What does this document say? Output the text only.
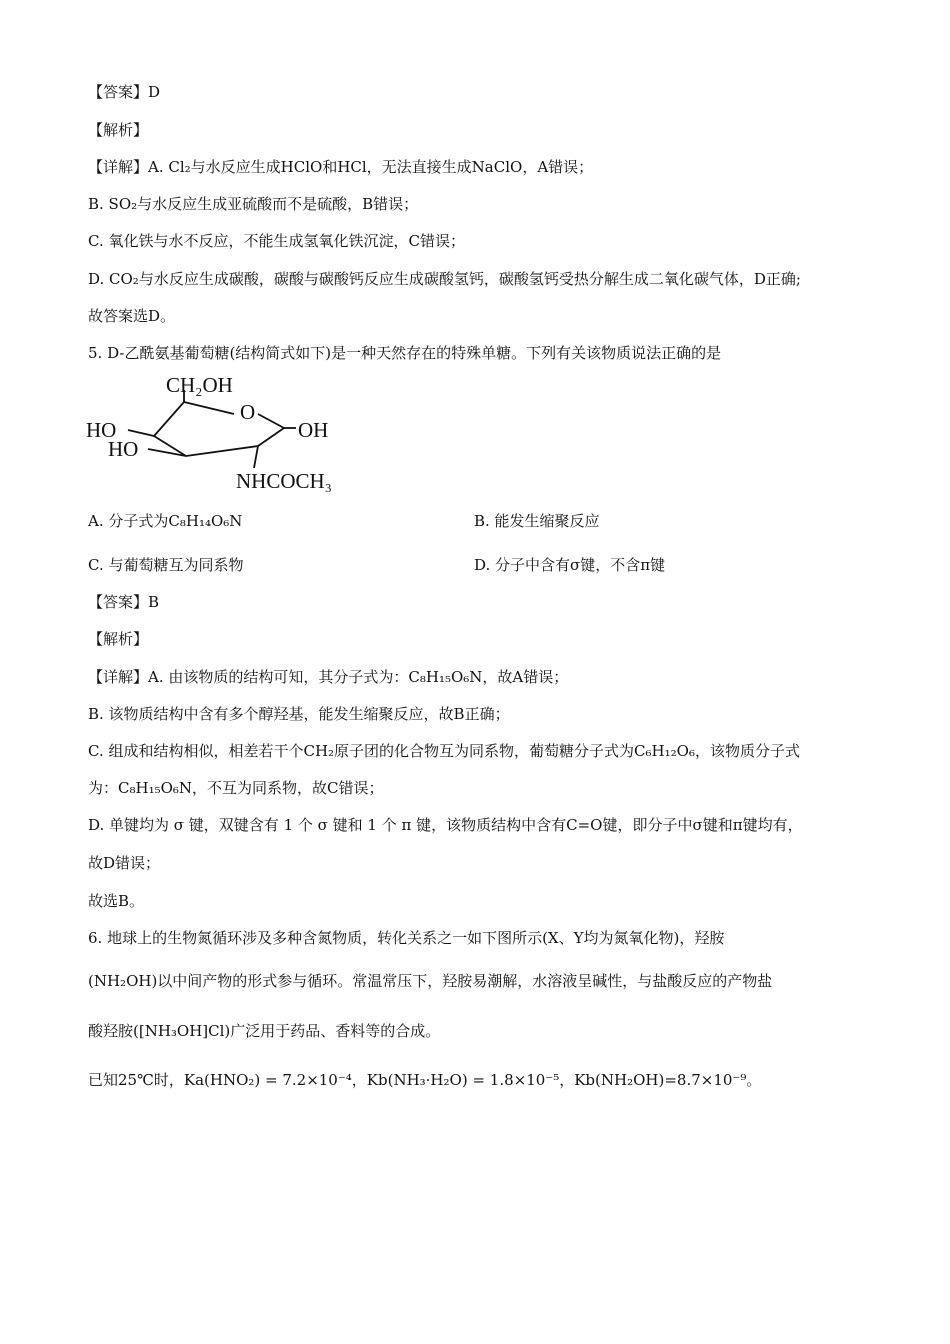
【答案】D
【解析】
【详解】A. Cl₂与水反应生成HClO和HCl，无法直接生成NaClO，A错误；
B. SO₂与水反应生成亚硫酸而不是硫酸，B错误；
C. 氧化铁与水不反应，不能生成氢氧化铁沉淀，C错误；
D. CO₂与水反应生成碳酸，碳酸与碳酸钙反应生成碳酸氢钙，碳酸氢钙受热分解生成二氧化碳气体，D正确;
故答案选D。
5. D-乙酰氨基葡萄糖(结构简式如下)是一种天然存在的特殊单糖。下列有关该物质说法正确的是
CH₂OH
O
HO	OH
HO
NHCOCH₃
A. 分子式为C₈H₁₄O₆N	B. 能发生缩聚反应
C. 与葡萄糖互为同系物	D. 分子中含有σ键，不含π键
【答案】B
【解析】
【详解】A. 由该物质的结构可知，其分子式为：C₈H₁₅O₆N，故A错误；
B. 该物质结构中含有多个醇羟基，能发生缩聚反应，故B正确；
C. 组成和结构相似，相差若干个CH₂原子团的化合物互为同系物，葡萄糖分子式为C₆H₁₂O₆，该物质分子式
为：C₈H₁₅O₆N，不互为同系物，故C错误；
D. 单键均为 σ 键，双键含有 1 个 σ 键和 1 个 π 键，该物质结构中含有C=O键，即分子中σ键和π键均有，
故D错误；
故选B。
6. 地球上的生物氮循环涉及多种含氮物质，转化关系之一如下图所示(X、Y均为氮氧化物)，羟胺
(NH₂OH)以中间产物的形式参与循环。常温常压下，羟胺易潮解，水溶液呈碱性，与盐酸反应的产物盐
酸羟胺([NH₃OH]Cl)广泛用于药品、香料等的合成。
已知25℃时，Ka(HNO₂) = 7.2×10⁻⁴，Kb(NH₃·H₂O) = 1.8×10⁻⁵，Kb(NH₂OH)=8.7×10⁻⁹。
